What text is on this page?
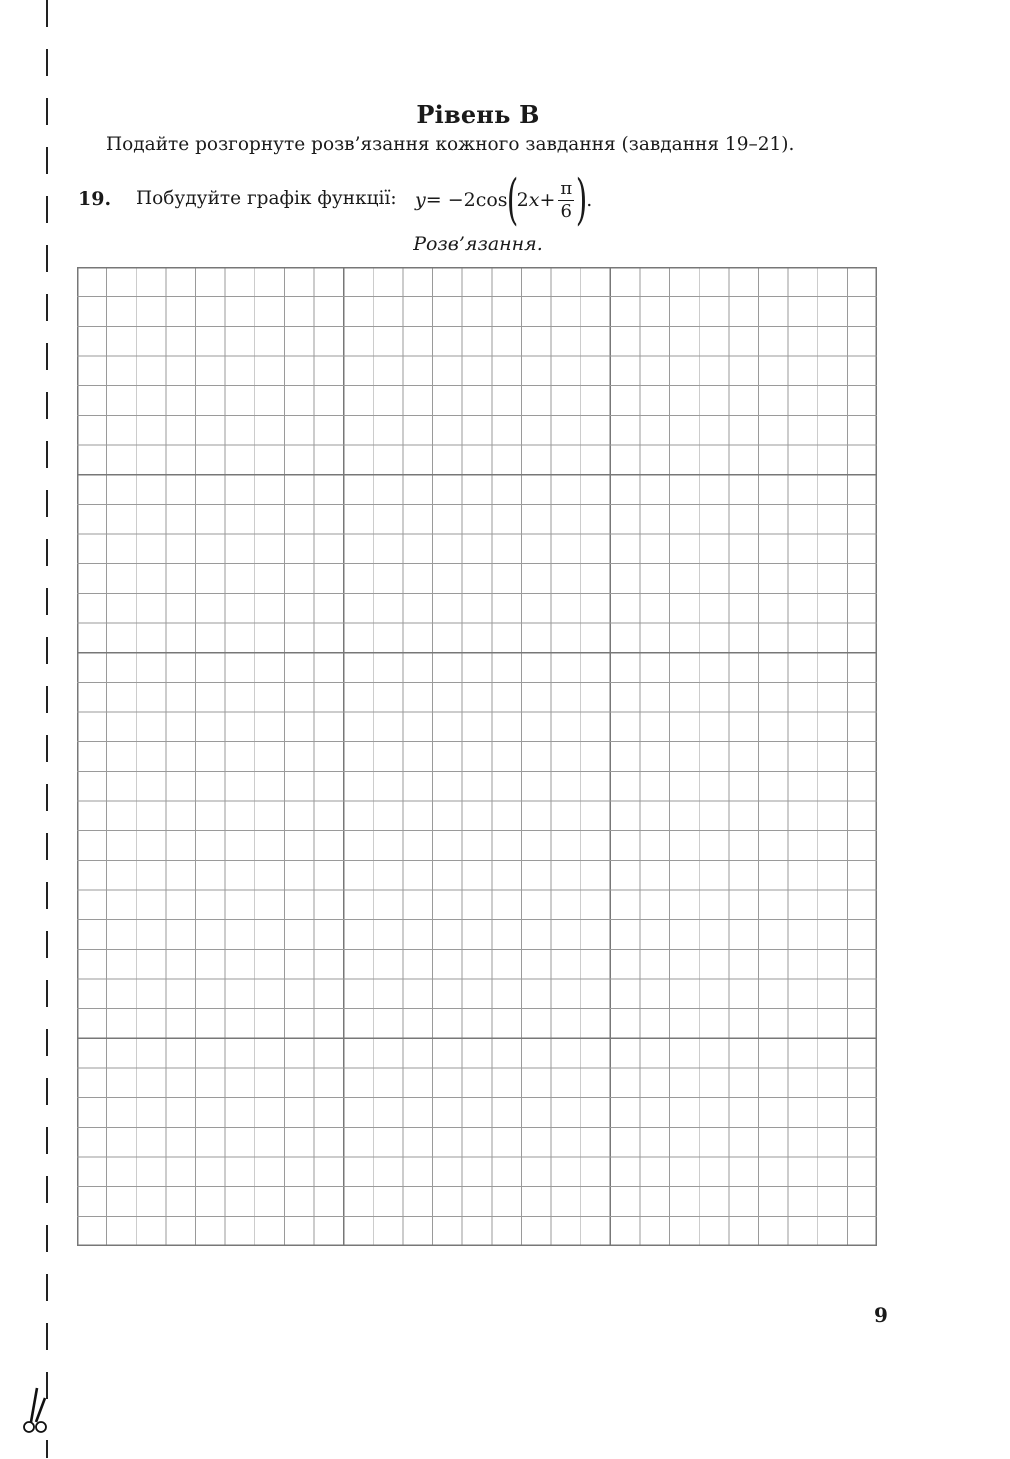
Рівень В
Подайте розгорнуте розв’язання кожного завдання (завдання 19–21).
19. Побудуйте графік функції: y = −2cos
(
2 $x + \frac{\pi}{6}$ )
.
Розв’язання.
9
